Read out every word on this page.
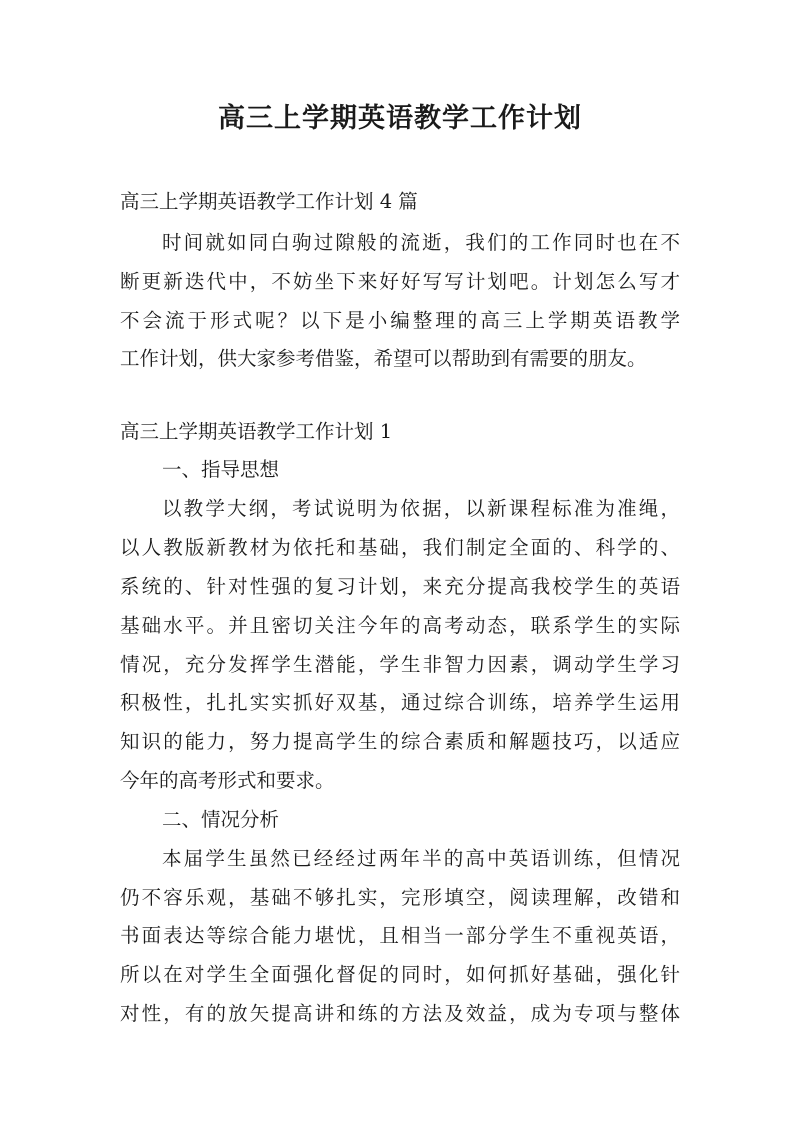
高三上学期英语教学工作计划

高三上学期英语教学工作计划 4 篇

时间就如同白驹过隙般的流逝，我们的工作同时也在不

断更新迭代中，不妨坐下来好好写写计划吧。计划怎么写才

不会流于形式呢？以下是小编整理的高三上学期英语教学

工作计划，供大家参考借鉴，希望可以帮助到有需要的朋友。

高三上学期英语教学工作计划 1

一、指导思想

以教学大纲，考试说明为依据，以新课程标准为准绳，

以人教版新教材为依托和基础，我们制定全面的、科学的、

系统的、针对性强的复习计划，来充分提高我校学生的英语

基础水平。并且密切关注今年的高考动态，联系学生的实际

情况，充分发挥学生潜能，学生非智力因素，调动学生学习

积极性，扎扎实实抓好双基，通过综合训练，培养学生运用

知识的能力，努力提高学生的综合素质和解题技巧，以适应

今年的高考形式和要求。

二、情况分析

本届学生虽然已经经过两年半的高中英语训练，但情况

仍不容乐观，基础不够扎实，完形填空，阅读理解，改错和

书面表达等综合能力堪忧，且相当一部分学生不重视英语，

所以在对学生全面强化督促的同时，如何抓好基础，强化针

对性，有的放矢提高讲和练的方法及效益，成为专项与整体
